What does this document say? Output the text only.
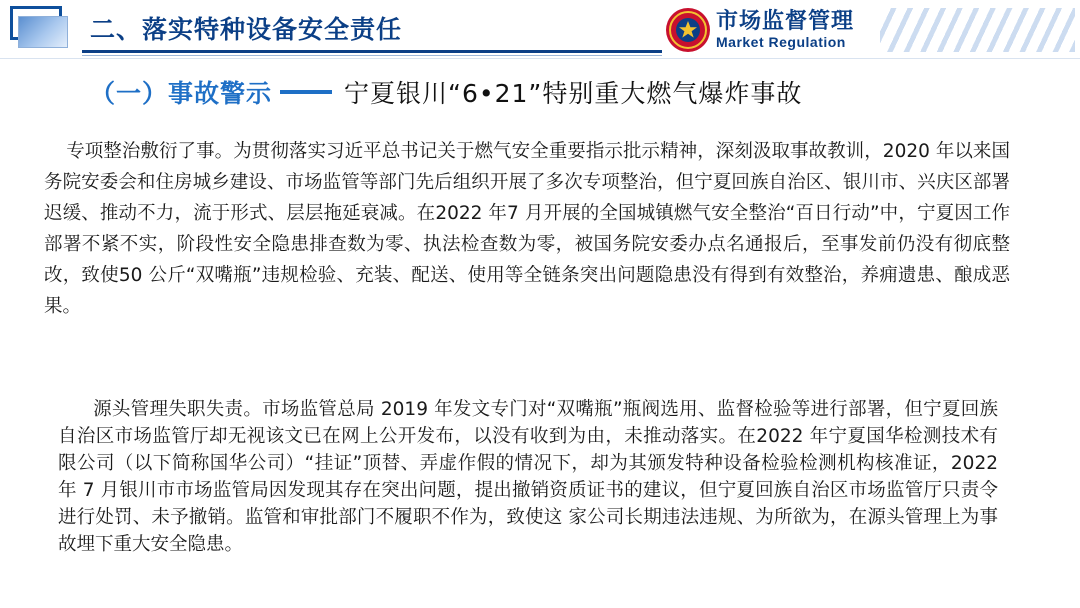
二、落实特种设备安全责任	市场监督管理
Market Regulation
（一）事故警示	宁夏银川“6•21”特别重大燃气爆炸事故
专项整治敷衍了事。为贯彻落实习近平总书记关于燃气安全重要指示批示精神，深刻汲取事故教训，2020 年以来国务院安委会和住房城乡建设、市场监管等部门先后组织开展了多次专项整治，但宁夏回族自治区、银川市、兴庆区部署迟缓、推动不力，流于形式、层层拖延衰减。在2022 年7 月开展的全国城镇燃气安全整治“百日行动”中，宁夏因工作部署不紧不实，阶段性安全隐患排查数为零、执法检查数为零，被国务院安委办点名通报后，至事发前仍没有彻底整改，致使50 公斤“双嘴瓶”违规检验、充装、配送、使用等全链条突出问题隐患没有得到有效整治，养痈遗患、酿成恶果。
源头管理失职失责。市场监管总局 2019 年发文专门对“双嘴瓶”瓶阀选用、监督检验等进行部署，但宁夏回族自治区市场监管厅却无视该文已在网上公开发布，以没有收到为由，未推动落实。在2022 年宁夏国华检测技术有限公司（以下简称国华公司）“挂证”顶替、弄虚作假的情况下，却为其颁发特种设备检验检测机构核准证，2022 年 7 月银川市市场监管局因发现其存在突出问题，提出撤销资质证书的建议，但宁夏回族自治区市场监管厅只责令进行处罚、未予撤销。监管和审批部门不履职不作为，致使这 家公司长期违法违规、为所欲为，在源头管理上为事故埋下重大安全隐患。
